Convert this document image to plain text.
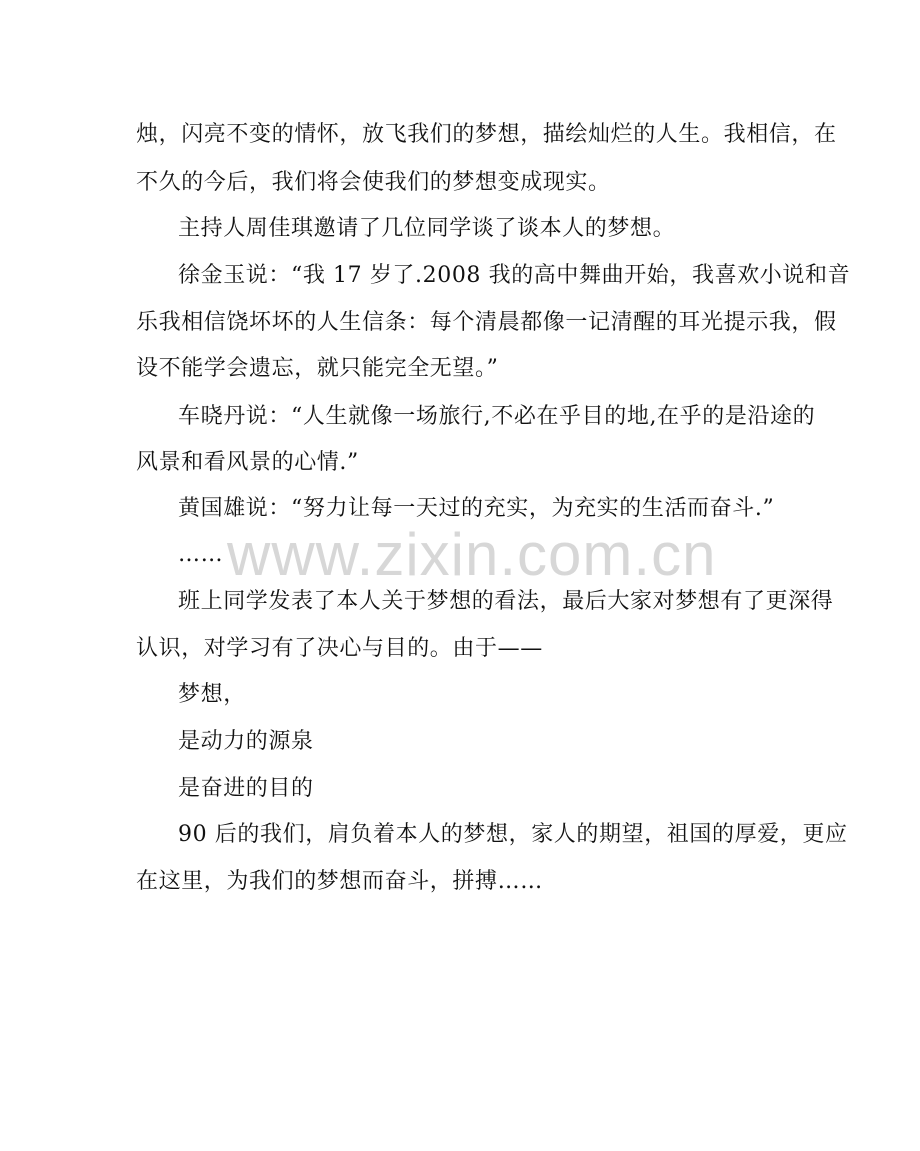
www.zixin.com.cn
烛，闪亮不变的情怀，放飞我们的梦想，描绘灿烂的人生。我相信，在
不久的今后，我们将会使我们的梦想变成现实。
主持人周佳琪邀请了几位同学谈了谈本人的梦想。
徐金玉说：“我 17 岁了.2008 我的高中舞曲开始，我喜欢小说和音
乐我相信饶坏坏的人生信条：每个清晨都像一记清醒的耳光提示我，假
设不能学会遗忘，就只能完全无望。”
车晓丹说：“人生就像一场旅行,不必在乎目的地,在乎的是沿途的
风景和看风景的心情.”
黄国雄说：“努力让每一天过的充实，为充实的生活而奋斗.”
……
班上同学发表了本人关于梦想的看法，最后大家对梦想有了更深得
认识，对学习有了决心与目的。由于——
梦想，
是动力的源泉
是奋进的目的
90 后的我们，肩负着本人的梦想，家人的期望，祖国的厚爱，更应
在这里，为我们的梦想而奋斗，拼搏……
